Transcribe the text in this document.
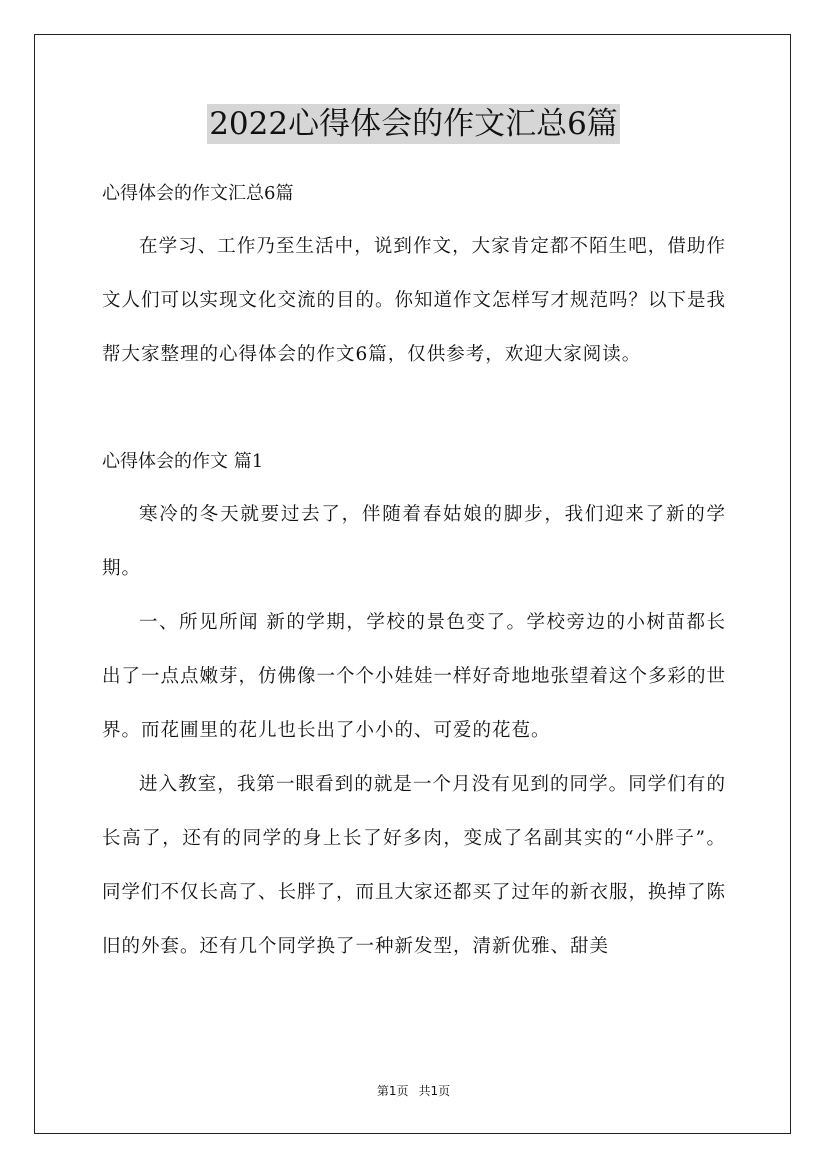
2022心得体会的作文汇总6篇

心得体会的作文汇总6篇

在学习、工作乃至生活中，说到作文，大家肯定都不陌生吧，借助作文人们可以实现文化交流的目的。你知道作文怎样写才规范吗？以下是我帮大家整理的心得体会的作文6篇，仅供参考，欢迎大家阅读。

心得体会的作文 篇1

寒冷的冬天就要过去了，伴随着春姑娘的脚步，我们迎来了新的学期。

一、所见所闻 新的学期，学校的景色变了。学校旁边的小树苗都长出了一点点嫩芽，仿佛像一个个小娃娃一样好奇地地张望着这个多彩的世界。而花圃里的花儿也长出了小小的、可爱的花苞。

进入教室，我第一眼看到的就是一个月没有见到的同学。同学们有的长高了，还有的同学的身上长了好多肉，变成了名副其实的“小胖子”。同学们不仅长高了、长胖了，而且大家还都买了过年的新衣服，换掉了陈旧的外套。还有几个同学换了一种新发型，清新优雅、甜美

第1页 共1页
